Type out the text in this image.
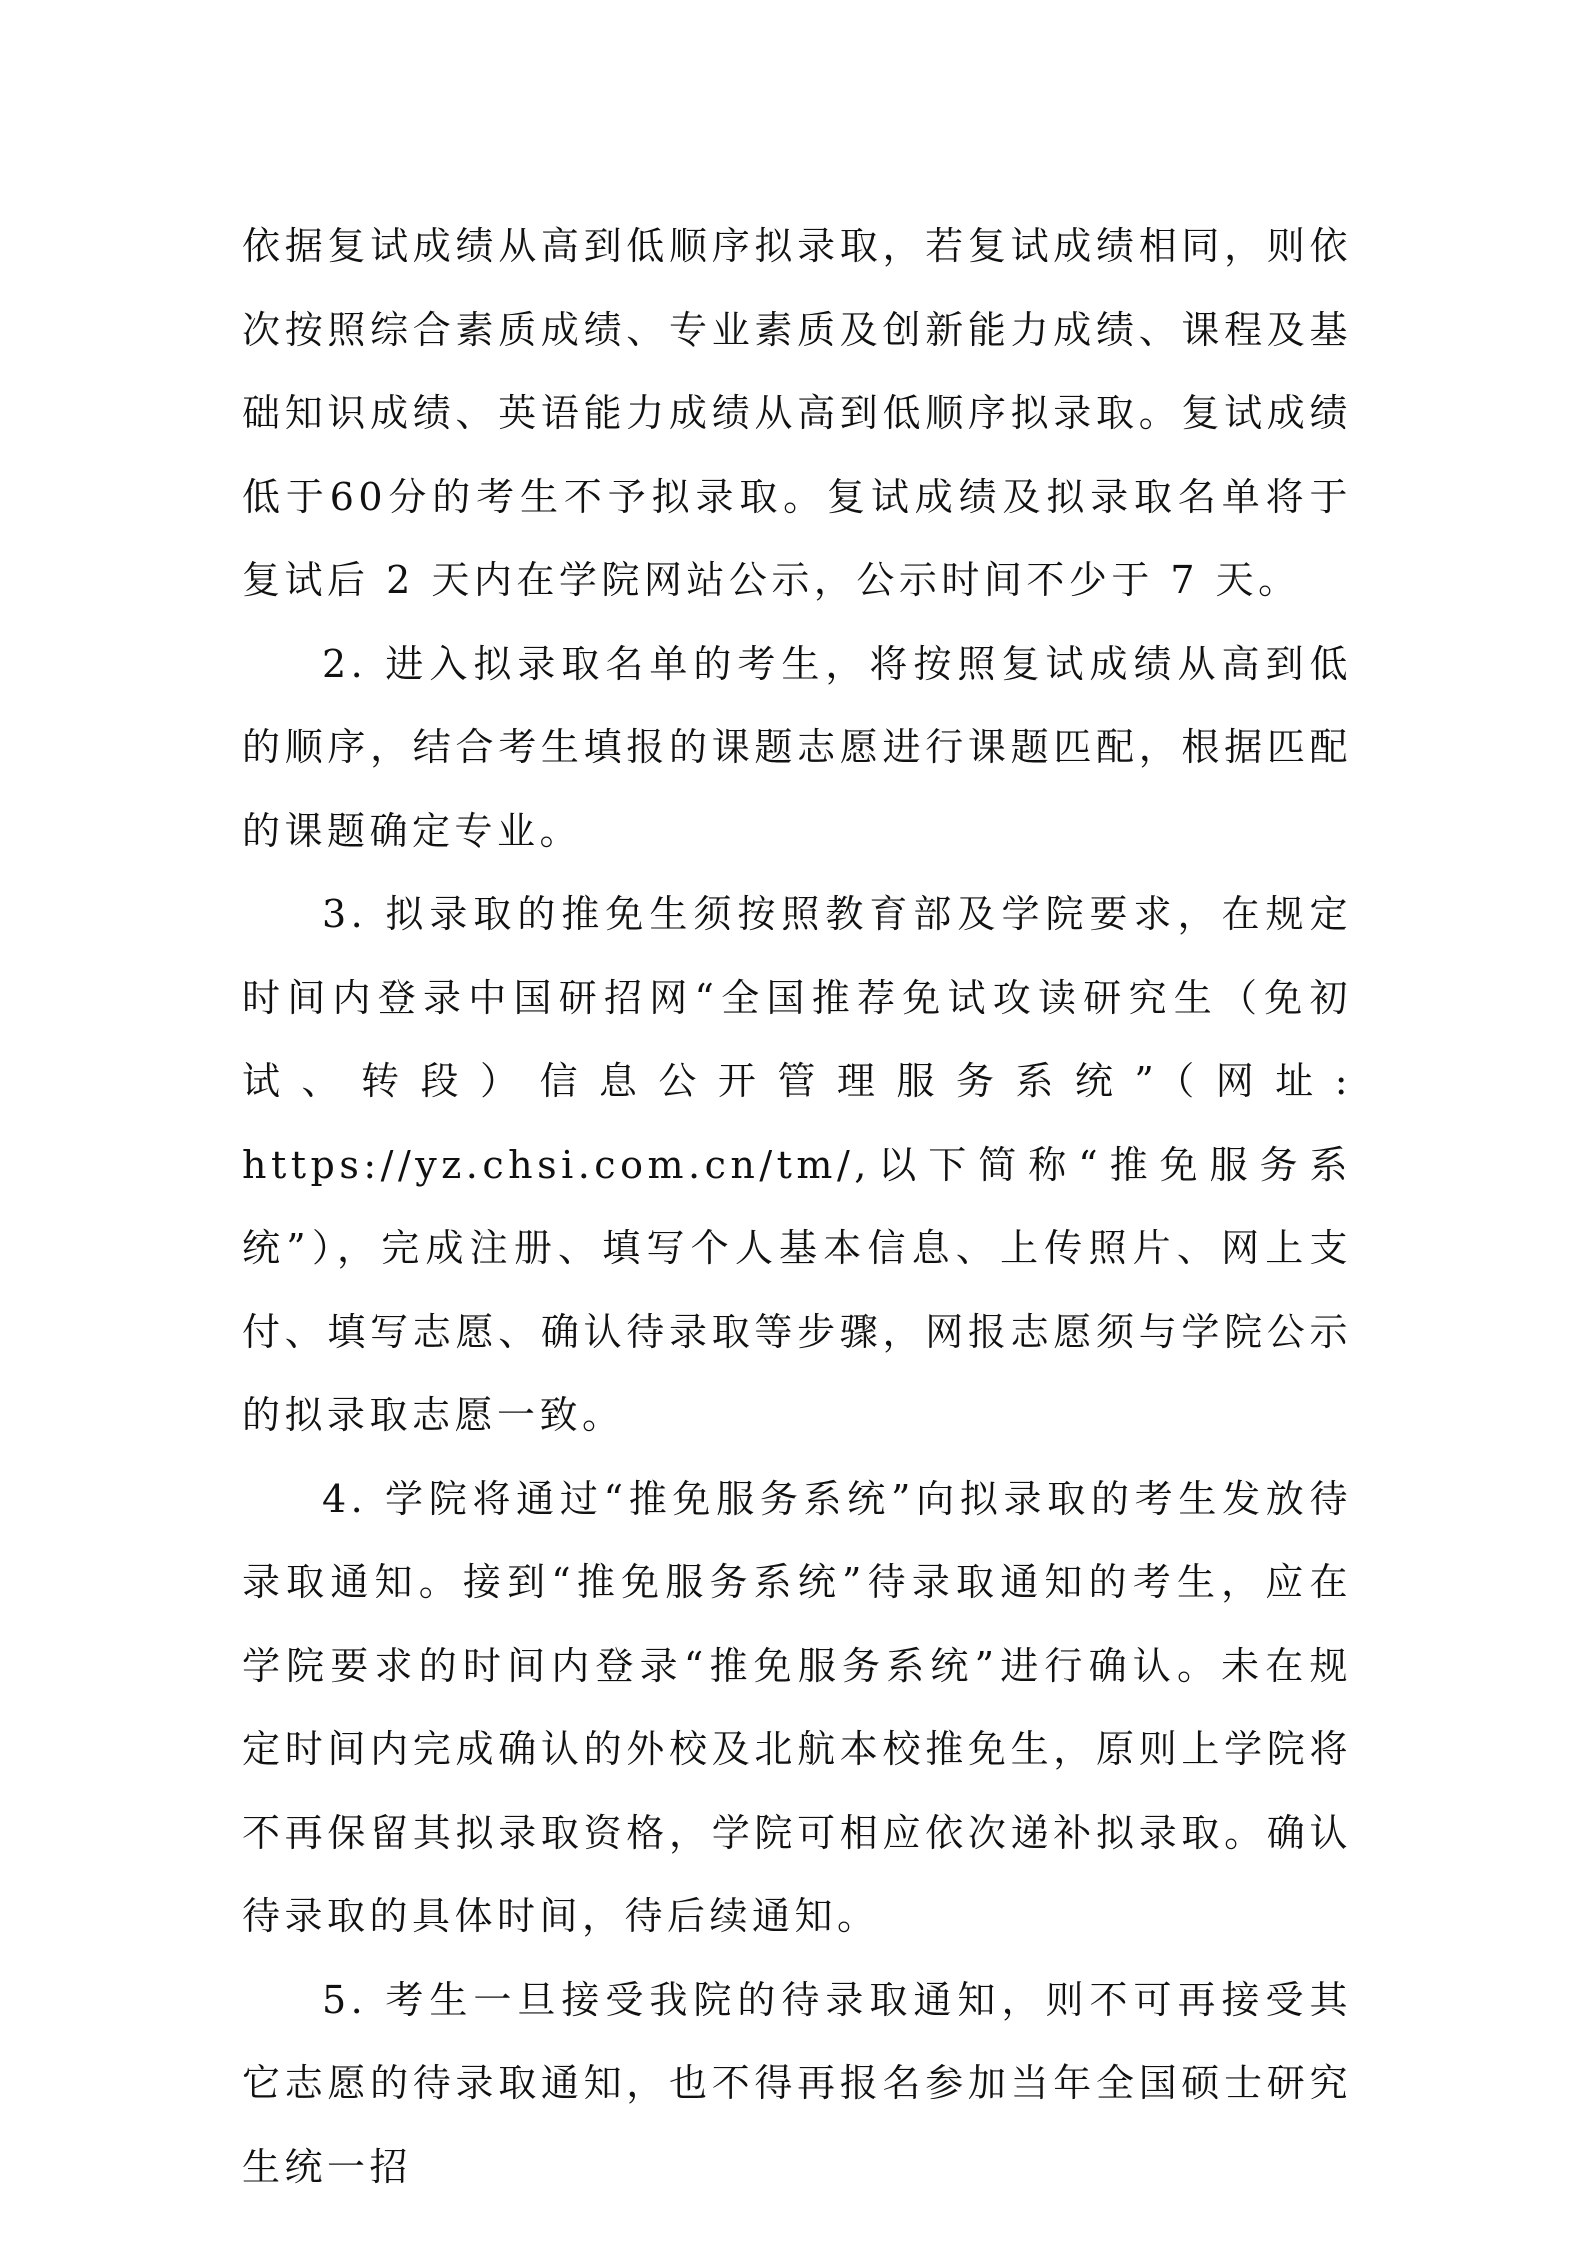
依据复试成绩从高到低顺序拟录取，若复试成绩相同，则依次按照综合素质成绩、专业素质及创新能力成绩、课程及基础知识成绩、英语能力成绩从高到低顺序拟录取。复试成绩低于60分的考生不予拟录取。复试成绩及拟录取名单将于复试后 2 天内在学院网站公示，公示时间不少于 7 天。

2. 进入拟录取名单的考生，将按照复试成绩从高到低的顺序，结合考生填报的课题志愿进行课题匹配，根据匹配的课题确定专业。

3. 拟录取的推免生须按照教育部及学院要求，在规定时间内登录中国研招网“全国推荐免试攻读研究生（免初试、转段）信息公开管理服务系统”（网址: https://yz.chsi.com.cn/tm/,以下简称“推免服务系统”），完成注册、填写个人基本信息、上传照片、网上支付、填写志愿、确认待录取等步骤，网报志愿须与学院公示的拟录取志愿一致。

4. 学院将通过“推免服务系统”向拟录取的考生发放待录取通知。接到“推免服务系统”待录取通知的考生，应在学院要求的时间内登录“推免服务系统”进行确认。未在规定时间内完成确认的外校及北航本校推免生，原则上学院将不再保留其拟录取资格，学院可相应依次递补拟录取。确认待录取的具体时间，待后续通知。

5. 考生一旦接受我院的待录取通知，则不可再接受其它志愿的待录取通知，也不得再报名参加当年全国硕士研究生统一招
